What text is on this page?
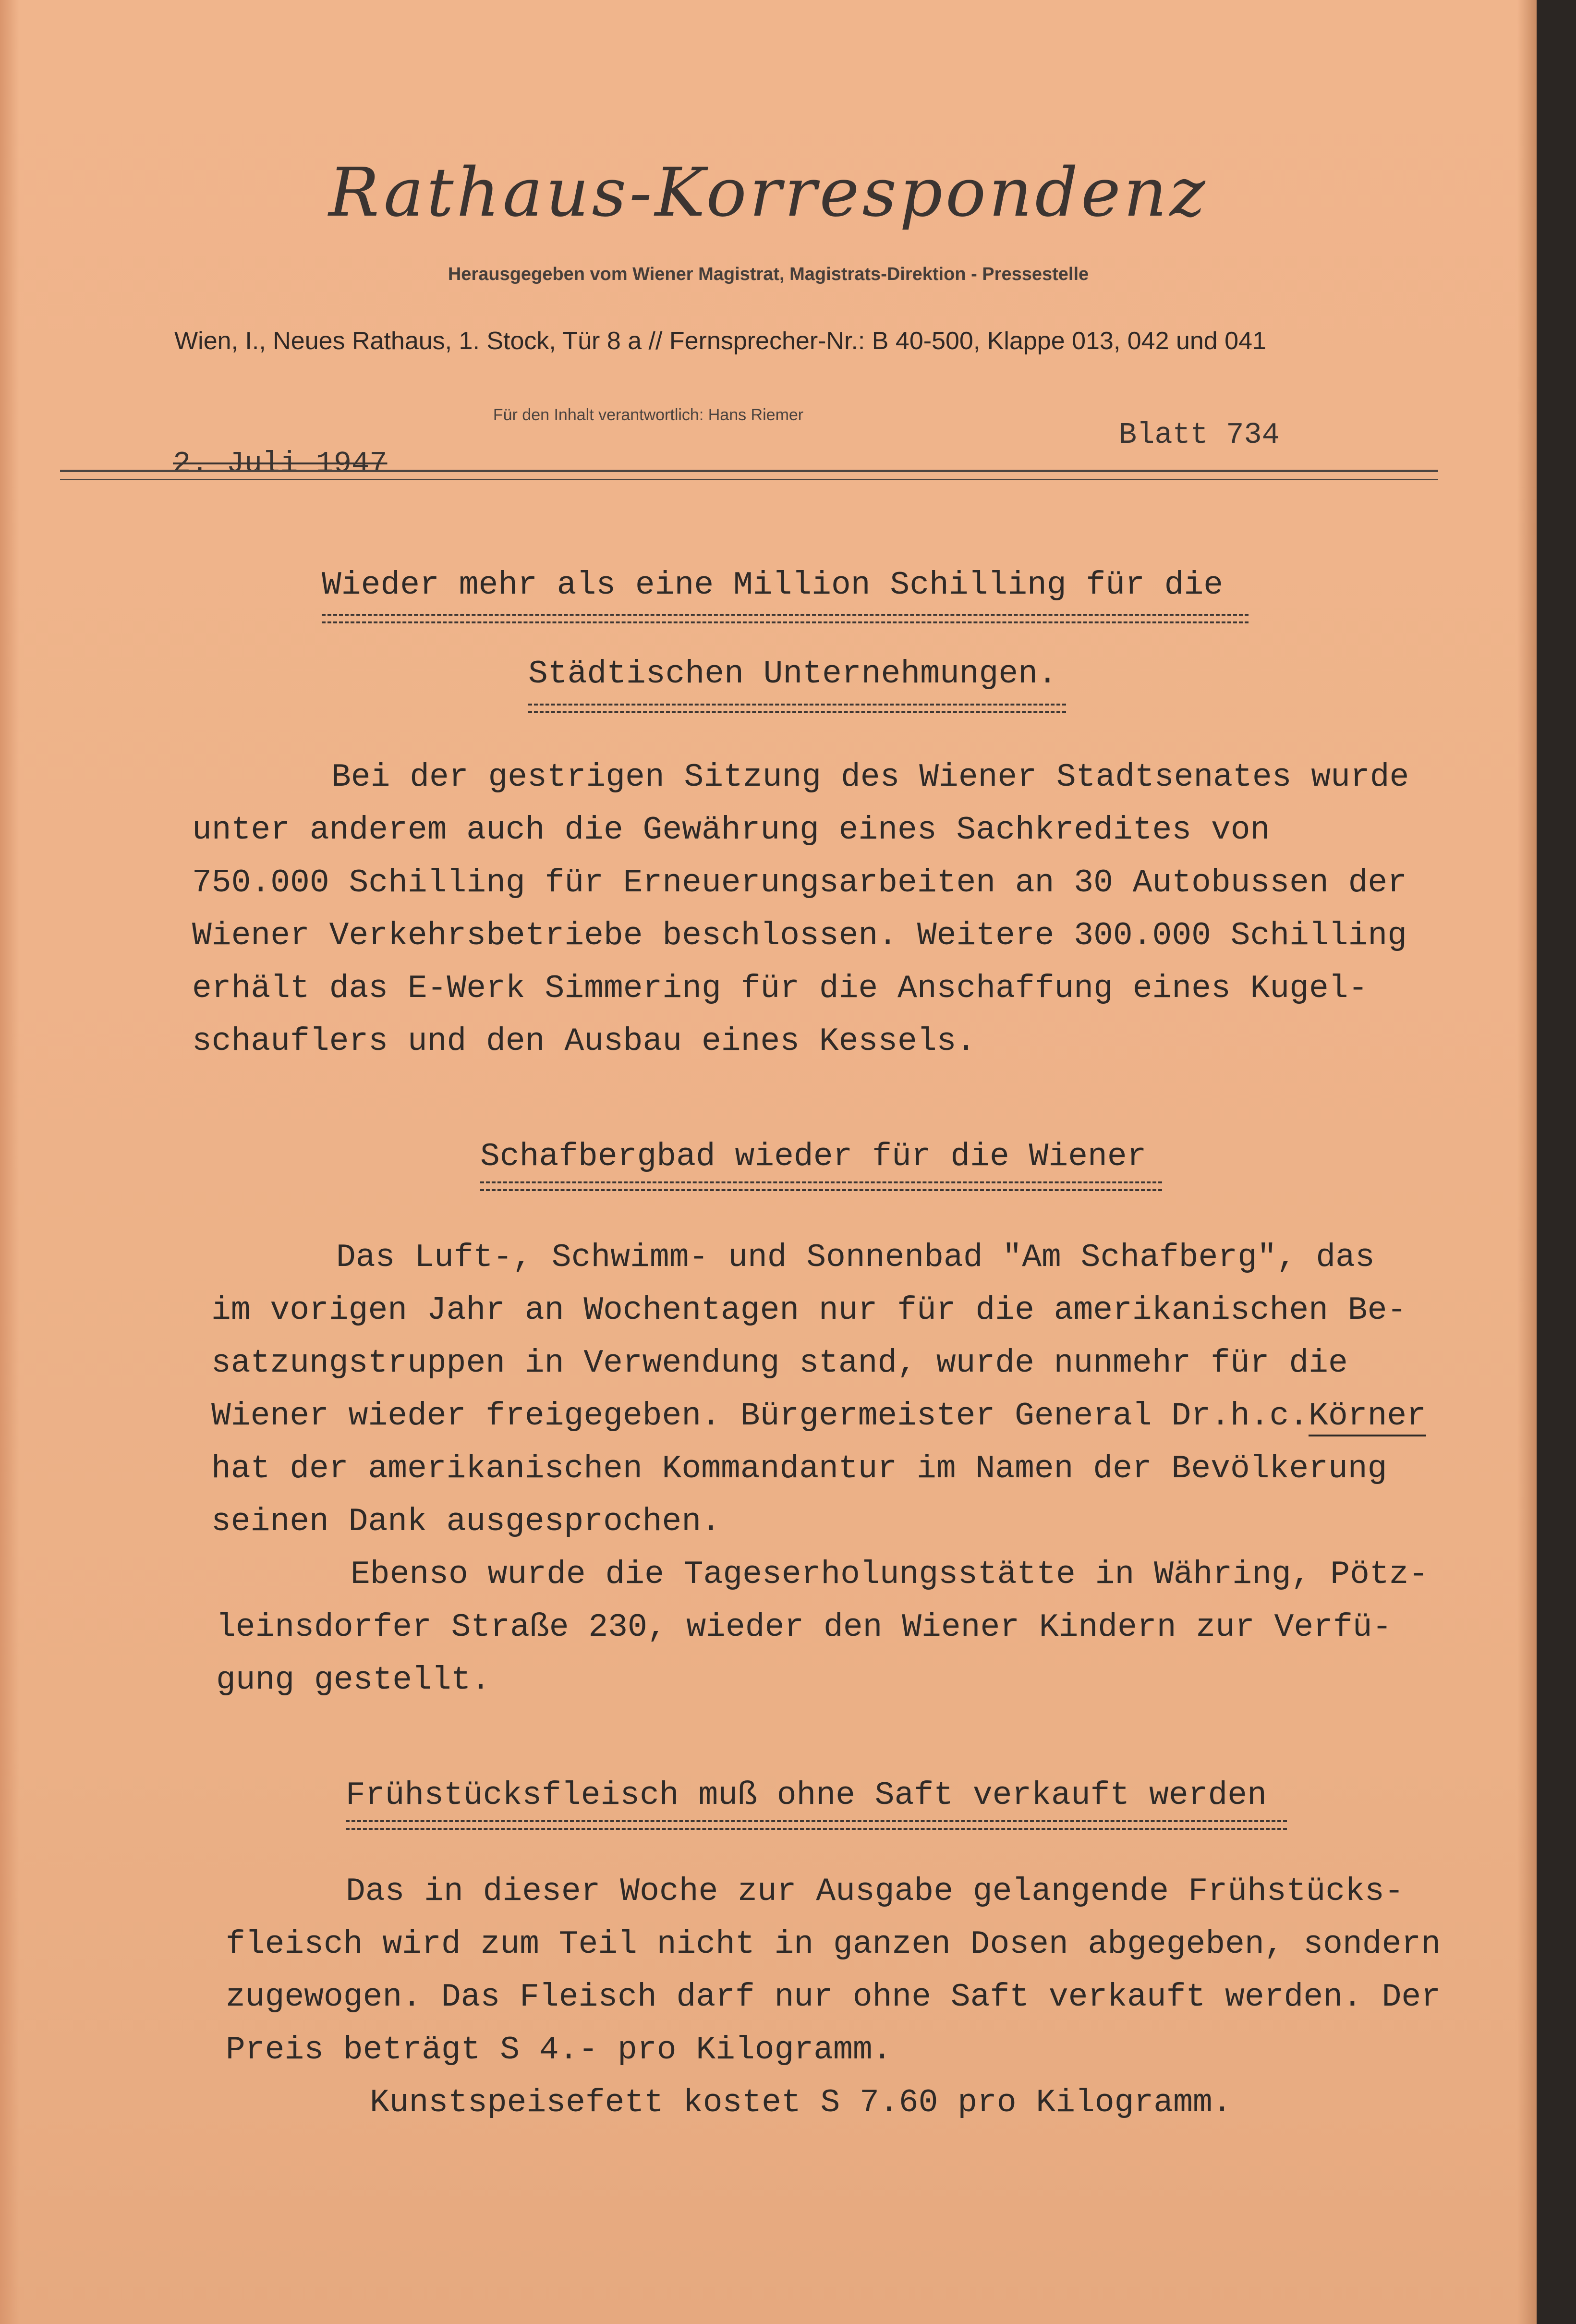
Rathaus-Korrespondenz
Herausgegeben vom Wiener Magistrat, Magistrats-Direktion - Pressestelle
Wien, I., Neues Rathaus, 1. Stock, Tür 8 a // Fernsprecher-Nr.: B 40-500, Klappe 013, 042 und 041
Für den Inhalt verantwortlich: Hans Riemer
Blatt 734
2. Juli 1947
Wieder mehr als eine Million Schilling für die
Städtischen Unternehmungen.
Bei der gestrigen Sitzung des Wiener Stadtsenates wurde
unter anderem auch die Gewährung eines Sachkredites von
750.000 Schilling für Erneuerungsarbeiten an 30 Autobussen der
Wiener Verkehrsbetriebe beschlossen. Weitere 300.000 Schilling
erhält das E-Werk Simmering für die Anschaffung eines Kugel-
schauflers und den Ausbau eines Kessels.
Schafbergbad wieder für die Wiener
Das Luft-, Schwimm- und Sonnenbad "Am Schafberg", das
im vorigen Jahr an Wochentagen nur für die amerikanischen Be-
satzungstruppen in Verwendung stand, wurde nunmehr für die
Wiener wieder freigegeben. Bürgermeister General Dr.h.c.Körner
hat der amerikanischen Kommandantur im Namen der Bevölkerung
seinen Dank ausgesprochen.
Ebenso wurde die Tageserholungsstätte in Währing, Pötz-
leinsdorfer Straße 230, wieder den Wiener Kindern zur Verfü-
gung gestellt.
Frühstücksfleisch muß ohne Saft verkauft werden
Das in dieser Woche zur Ausgabe gelangende Frühstücks-
fleisch wird zum Teil nicht in ganzen Dosen abgegeben, sondern
zugewogen. Das Fleisch darf nur ohne Saft verkauft werden. Der
Preis beträgt S 4.- pro Kilogramm.
Kunstspeisefett kostet S 7.60 pro Kilogramm.
